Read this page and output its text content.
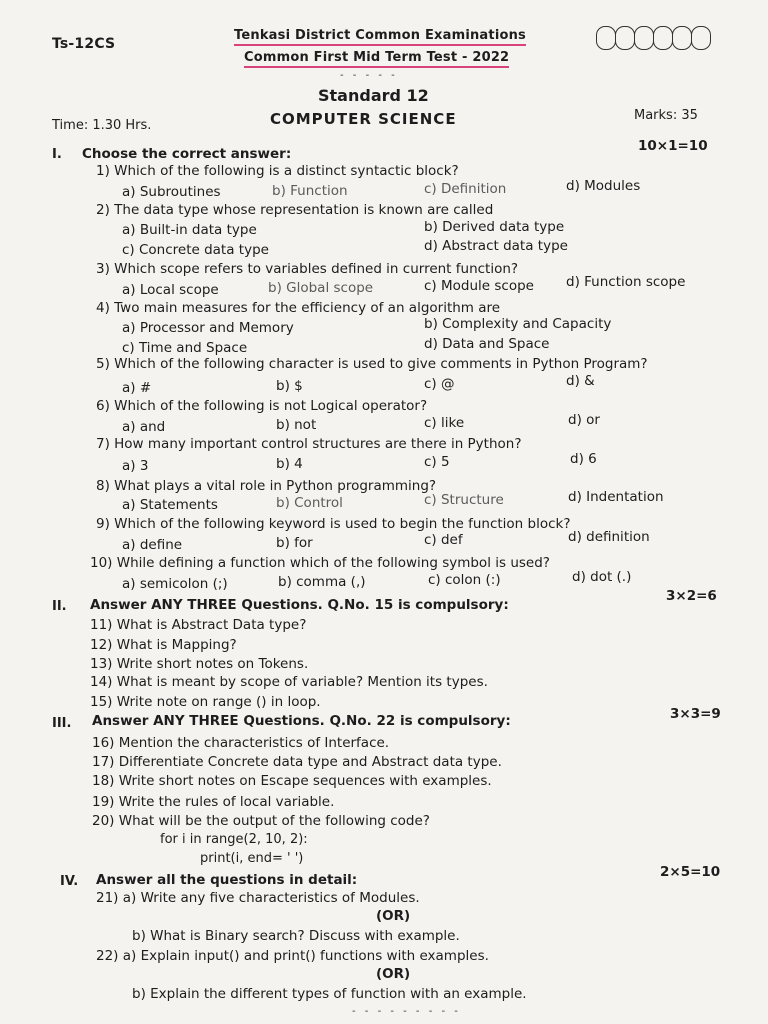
Ts-12CS
Tenkasi District Common Examinations
Common First Mid Term Test - 2022
- - - - -
Standard 12
Time: 1.30 Hrs.	COMPUTER SCIENCE	Marks: 35
I. Choose the correct answer:	10×1=10
1) Which of the following is a distinct syntactic block?
a) Subroutines	b) Function	c) Definition	d) Modules
2) The data type whose representation is known are called
a) Built-in data type	b) Derived data type
c) Concrete data type	d) Abstract data type
3) Which scope refers to variables defined in current function?
a) Local scope	b) Global scope	c) Module scope d) Function scope
4) Two main measures for the efficiency of an algorithm are
a) Processor and Memory	b) Complexity and Capacity
c) Time and Space	d) Data and Space
5) Which of the following character is used to give comments in Python Program?
a) #	b) $	c) @	d) &
6) Which of the following is not Logical operator?
a) and	b) not	c) like	d) or
7) How many important control structures are there in Python?
a) 3	b) 4	c) 5	d) 6
8) What plays a vital role in Python programming?
a) Statements	b) Control	c) Structure	d) Indentation
9) Which of the following keyword is used to begin the function block?
a) define	b) for	c) def	d) definition
10) While defining a function which of the following symbol is used?
a) semicolon (;)	b) comma (,)	c) colon (:)	d) dot (.)
II. Answer ANY THREE Questions. Q.No. 15 is compulsory:
3×2=6
11) What is Abstract Data type?
12) What is Mapping?
13) Write short notes on Tokens.
14) What is meant by scope of variable? Mention its types.
15) Write note on range () in loop.
III. Answer ANY THREE Questions. Q.No. 22 is compulsory:	3×3=9
16) Mention the characteristics of Interface.
17) Differentiate Concrete data type and Abstract data type.
18) Write short notes on Escape sequences with examples.
19) Write the rules of local variable.
20) What will be the output of the following code?
for i in range(2, 10, 2):
print(i, end= ' ')
IV. Answer all the questions in detail:	2×5=10
21) a) Write any five characteristics of Modules.
(OR)
b) What is Binary search? Discuss with example.
22) a) Explain input() and print() functions with examples.
(OR)
b) Explain the different types of function with an example.
- - - - - - - - -
